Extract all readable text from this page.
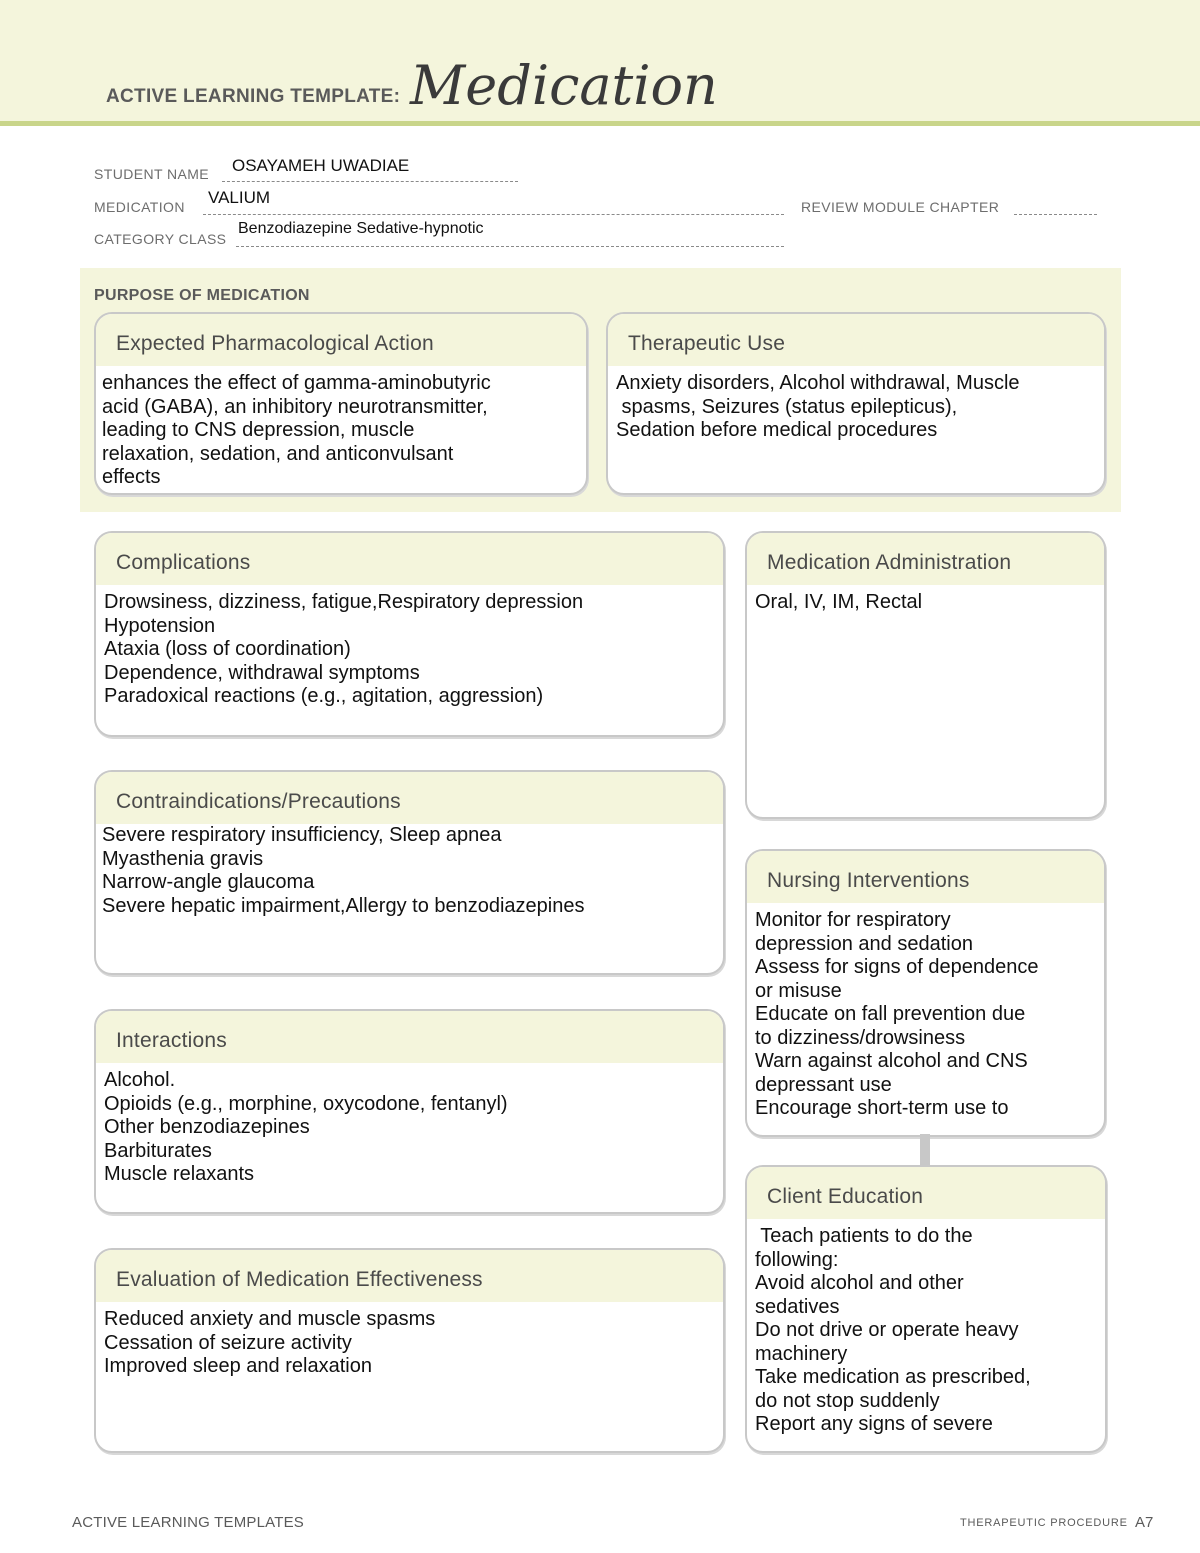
ACTIVE LEARNING TEMPLATE: Medication
STUDENT NAME OSAYAMEH UWADIAE
MEDICATION VALIUM	REVIEW MODULE CHAPTER
CATEGORY CLASS
Benzodiazepine Sedative-hypnotic
PURPOSE OF MEDICATION
Expected Pharmacological Action
enhances the effect of gamma-aminobutyric
acid (GABA), an inhibitory neurotransmitter,
leading to CNS depression, muscle
relaxation, sedation, and anticonvulsant
effects
Therapeutic Use
Anxiety disorders, Alcohol withdrawal, Muscle
spasms, Seizures (status epilepticus),
Sedation before medical procedures
Complications
Drowsiness, dizziness, fatigue,Respiratory depression
Hypotension
Ataxia (loss of coordination)
Dependence, withdrawal symptoms
Paradoxical reactions (e.g., agitation, aggression)
Medication Administration
Oral, IV, IM, Rectal
Contraindications/Precautions
Severe respiratory insufficiency, Sleep apnea
Myasthenia gravis
Narrow-angle glaucoma
Severe hepatic impairment,Allergy to benzodiazepines
Nursing Interventions
Monitor for respiratory
depression and sedation
Assess for signs of dependence
or misuse
Educate on fall prevention due
to dizziness/drowsiness
Warn against alcohol and CNS
depressant use
Encourage short-term use to
Interactions
Alcohol.
Opioids (e.g., morphine, oxycodone, fentanyl)
Other benzodiazepines
Barbiturates
Muscle relaxants
Client Education
Teach patients to do the
following:
Avoid alcohol and other
sedatives
Do not drive or operate heavy
machinery
Take medication as prescribed,
do not stop suddenly
Report any signs of severe
Evaluation of Medication Effectiveness
Reduced anxiety and muscle spasms
Cessation of seizure activity
Improved sleep and relaxation
ACTIVE LEARNING TEMPLATES	THERAPEUTIC PROCEDURE A7
